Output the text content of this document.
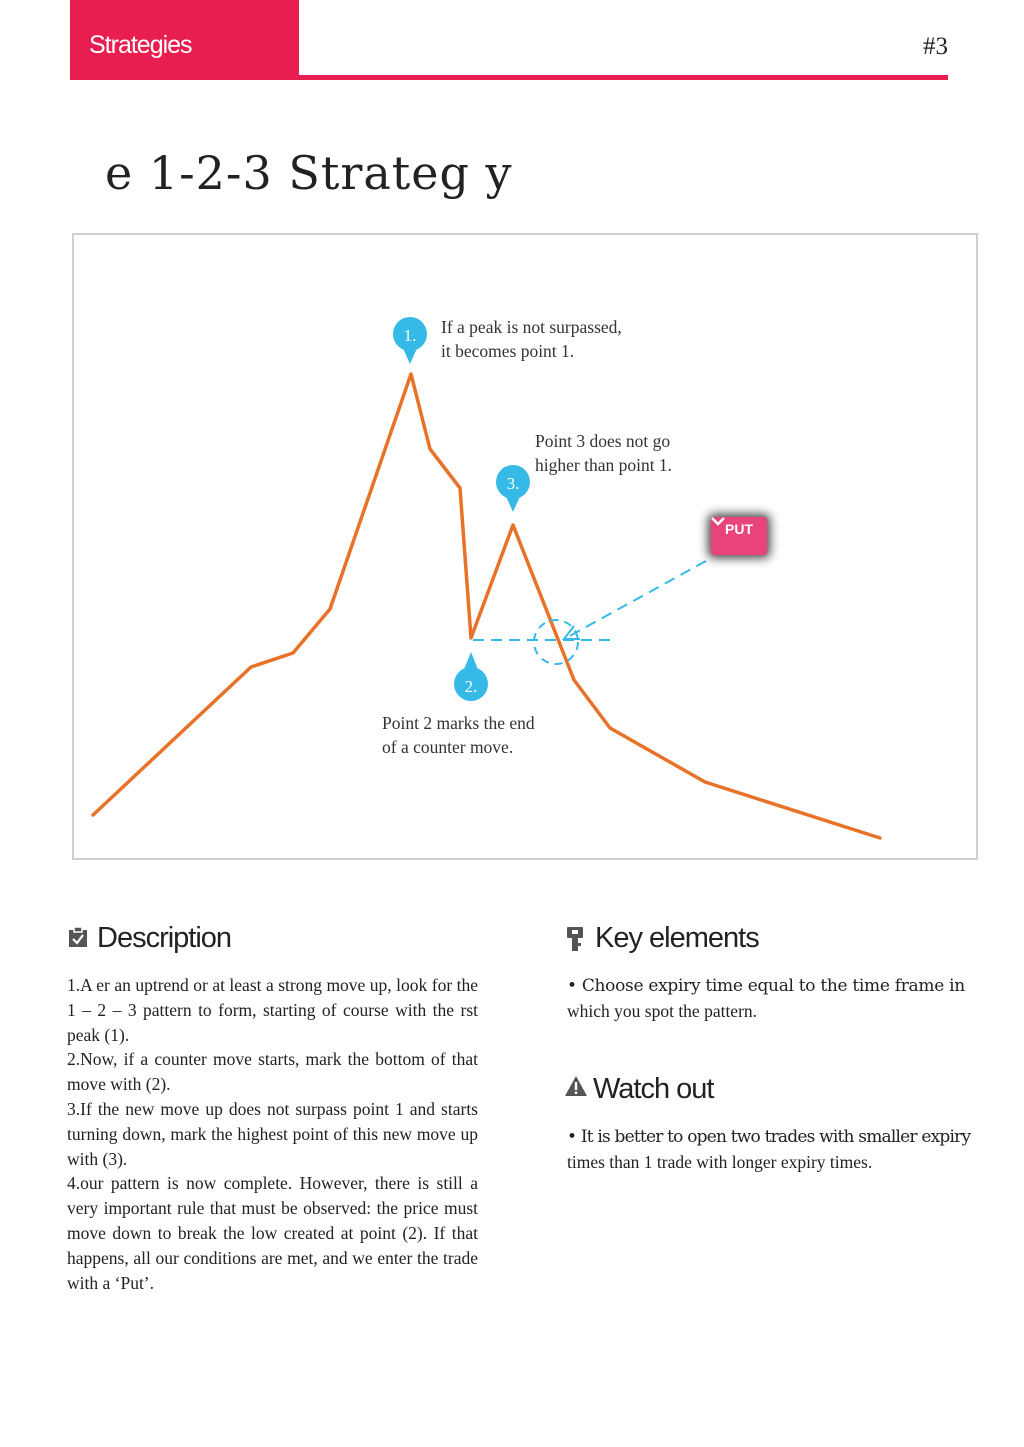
Strategies	#3
e 1-2-3 Strateg y
1.	If a peak is not surpassed,
it becomes point 1.

3.

Point 3 does not go
higher than point 1.

2.

Point 2 marks the end
of a counter move.

PUT
Description

1.A er an uptrend or at least a strong move up, look for the 1 – 2 – 3 pattern to form, starting of course with the rst peak (1).

2.Now, if a counter move starts, mark the bottom of that move with (2).

3.If the new move up does not surpass point 1 and starts turning down, mark the highest point of this new move up with (3).

4.our pattern is now complete. However, there is still a very important rule that must be observed: the price must move down to break the low created at point (2). If that happens, all our conditions are met, and we enter the trade with a ‘Put’.

Key elements
• Choose expiry time equal to the time frame in
which you spot the pattern.
Watch out
• It is better to open two trades with smaller expiry
times than 1 trade with longer expiry times.
